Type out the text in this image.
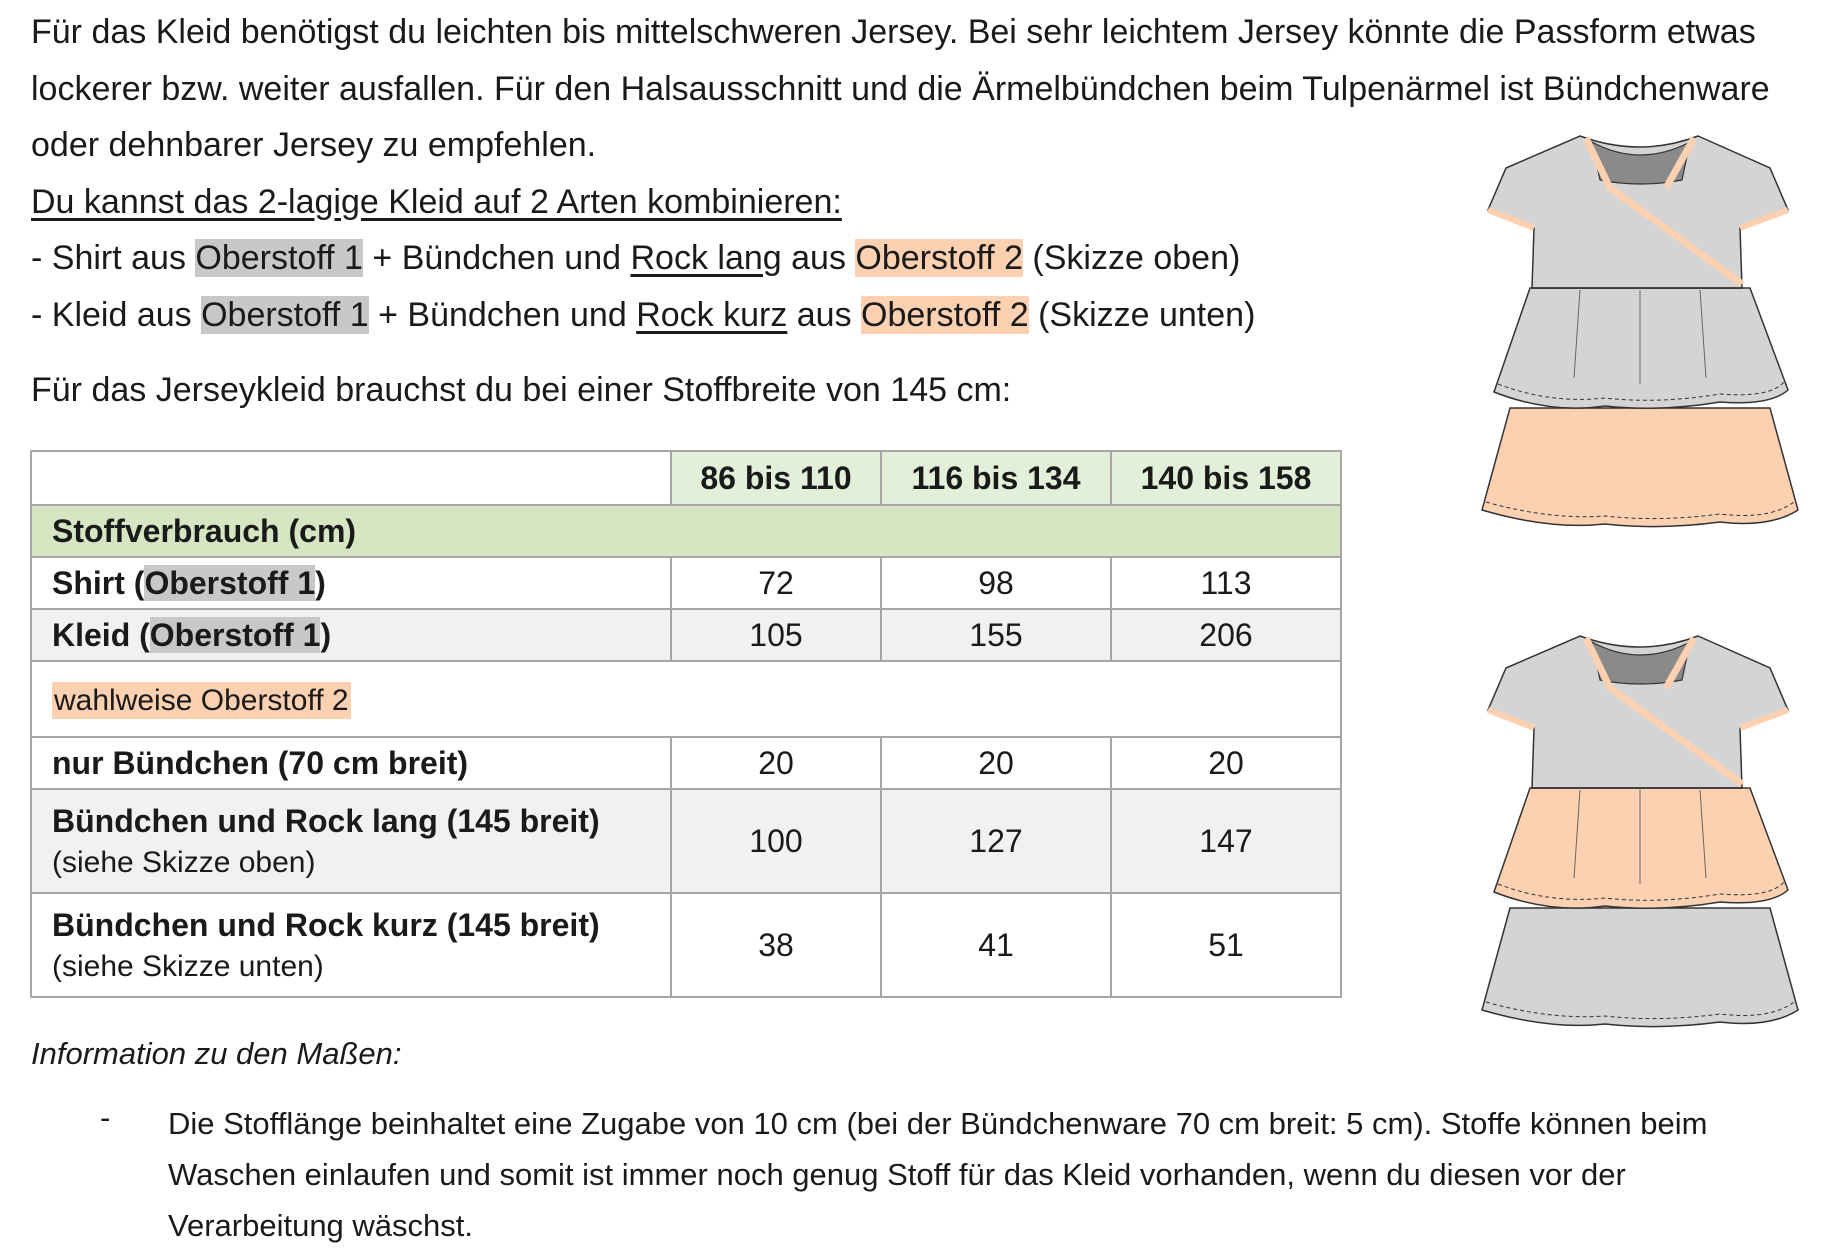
Für das Kleid benötigst du leichten bis mittelschweren Jersey. Bei sehr leichtem Jersey könnte die Passform etwas lockerer bzw. weiter ausfallen. Für den Halsausschnitt und die Ärmelbündchen beim Tulpenärmel ist Bündchenware oder dehnbarer Jersey zu empfehlen.

Du kannst das 2-lagige Kleid auf 2 Arten kombinieren:

- Shirt aus Oberstoff 1 + Bündchen und Rock lang aus Oberstoff 2 (Skizze oben)

- Kleid aus Oberstoff 1 + Bündchen und Rock kurz aus Oberstoff 2 (Skizze unten)

Für das Jerseykleid brauchst du bei einer Stoffbreite von 145 cm:

	86 bis 110	116 bis 134	140 bis 158
Stoffverbrauch (cm)			
Shirt (Oberstoff 1)	72	98	113
Kleid (Oberstoff 1)	105	155	206
wahlweise Oberstoff 2			
nur Bündchen (70 cm breit)	20	20	20
Bündchen und Rock lang (145 breit)
(siehe Skizze oben)	100	127	147
Bündchen und Rock kurz (145 breit)
(siehe Skizze unten)	38	41	51

Information zu den Maßen:

- Die Stofflänge beinhaltet eine Zugabe von 10 cm (bei der Bündchenware 70 cm breit: 5 cm). Stoffe können beim Waschen einlaufen und somit ist immer noch genug Stoff für das Kleid vorhanden, wenn du diesen vor der Verarbeitung wäschst.
